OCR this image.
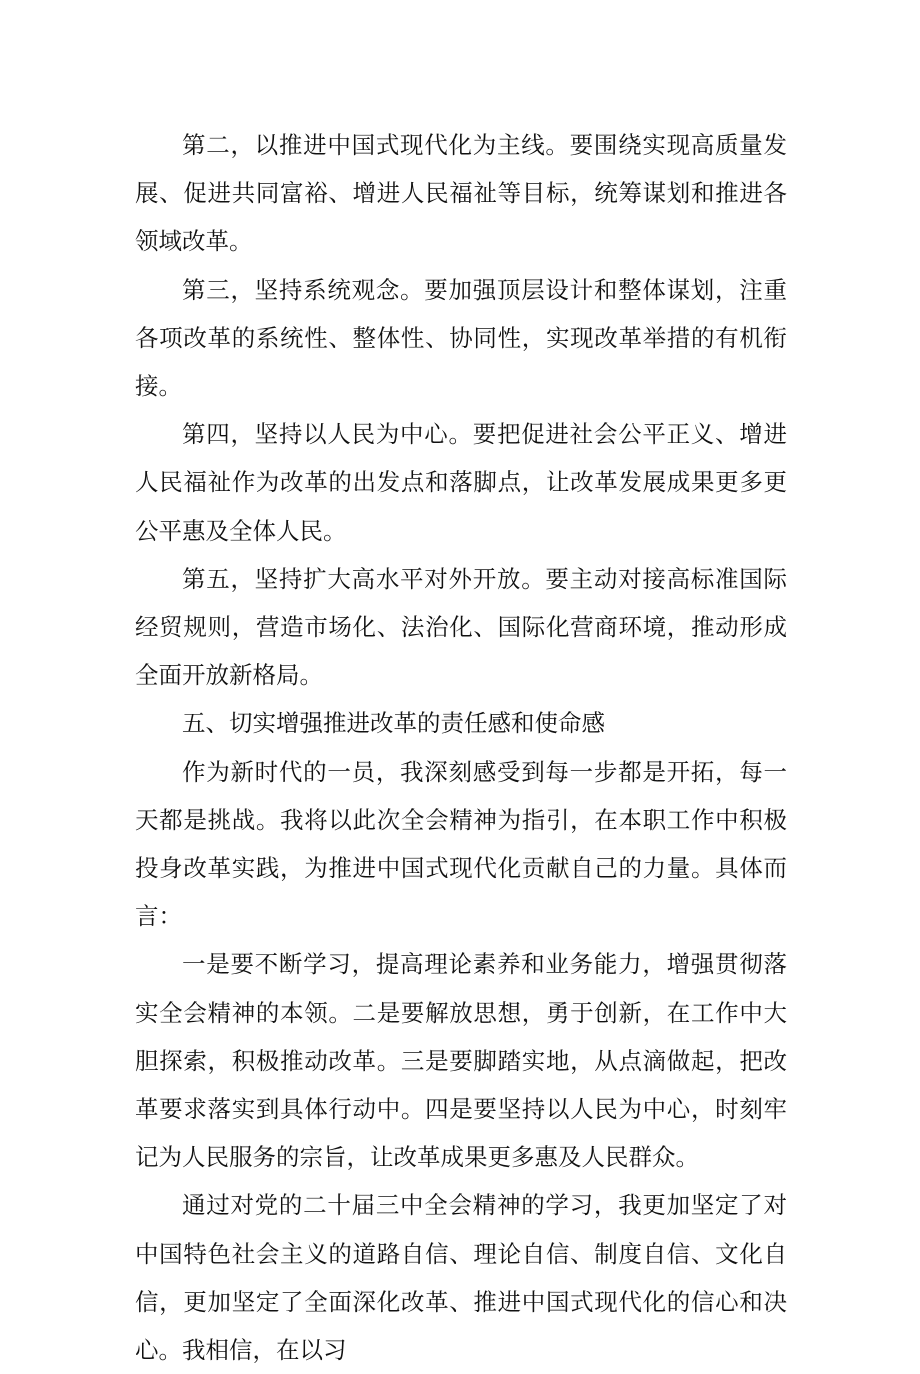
第二，以推进中国式现代化为主线。要围绕实现高质量发展、促进共同富裕、增进人民福祉等目标，统筹谋划和推进各领域改革。

第三，坚持系统观念。要加强顶层设计和整体谋划，注重各项改革的系统性、整体性、协同性，实现改革举措的有机衔接。

第四，坚持以人民为中心。要把促进社会公平正义、增进人民福祉作为改革的出发点和落脚点，让改革发展成果更多更公平惠及全体人民。

第五，坚持扩大高水平对外开放。要主动对接高标准国际经贸规则，营造市场化、法治化、国际化营商环境，推动形成全面开放新格局。

五、切实增强推进改革的责任感和使命感

作为新时代的一员，我深刻感受到每一步都是开拓，每一天都是挑战。我将以此次全会精神为指引，在本职工作中积极投身改革实践，为推进中国式现代化贡献自己的力量。具体而言：

一是要不断学习，提高理论素养和业务能力，增强贯彻落实全会精神的本领。二是要解放思想，勇于创新，在工作中大胆探索，积极推动改革。三是要脚踏实地，从点滴做起，把改革要求落实到具体行动中。四是要坚持以人民为中心，时刻牢记为人民服务的宗旨，让改革成果更多惠及人民群众。

通过对党的二十届三中全会精神的学习，我更加坚定了对中国特色社会主义的道路自信、理论自信、制度自信、文化自信，更加坚定了全面深化改革、推进中国式现代化的信心和决心。我相信，在以习
